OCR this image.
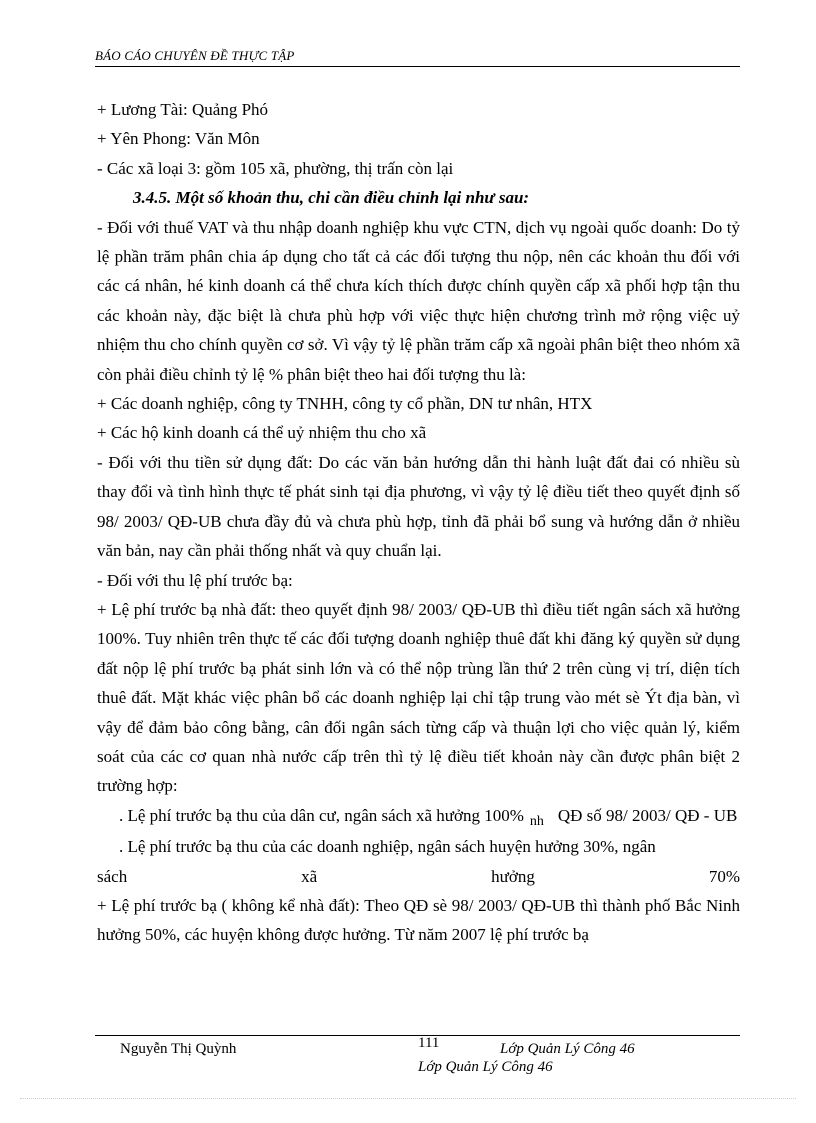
BÁO CÁO CHUYÊN ĐỀ THỰC TẬP

+ Lương Tài: Quảng Phó

+ Yên Phong: Văn Môn

- Các xã loại 3: gồm 105 xã, phường, thị trấn còn lại

3.4.5. Một số khoản thu, chi cần điều chỉnh lại như sau:

- Đối với thuế VAT và thu nhập doanh nghiệp khu vực CTN, dịch vụ ngoài quốc doanh: Do tỷ lệ phần trăm phân chia áp dụng cho tất cả các đối tượng thu nộp, nên các khoản thu đối với các cá nhân, hé kinh doanh cá thể chưa kích thích được chính quyền cấp xã phối hợp tận thu các khoản này, đặc biệt là chưa phù hợp với việc thực hiện chương trình mở rộng việc uỷ nhiệm thu cho chính quyền cơ sở. Vì vậy tỷ lệ phần trăm cấp xã ngoài phân biệt theo nhóm xã còn phải điều chỉnh tỷ lệ % phân biệt theo hai đối tượng thu là:

+ Các doanh nghiệp, công ty TNHH, công ty cổ phần, DN tư nhân, HTX

+ Các hộ kinh doanh cá thể uỷ nhiệm thu cho xã

- Đối với thu tiền sử dụng đất: Do các văn bản hướng dẫn thi hành luật đất đai có nhiều sù thay đổi và tình hình thực tế phát sinh tại địa phương, vì vậy tỷ lệ điều tiết theo quyết định số 98/ 2003/ QĐ-UB chưa đầy đủ và chưa phù hợp, tỉnh đã phải bổ sung và hướng dẫn ở nhiều văn bản, nay cần phải thống nhất và quy chuẩn lại.

- Đối với thu lệ phí trước bạ:

+ Lệ phí trước bạ nhà đất: theo quyết định 98/ 2003/ QĐ-UB thì điều tiết ngân sách xã hưởng 100%. Tuy nhiên trên thực tế các đối tượng doanh nghiệp thuê đất khi đăng ký quyền sử dụng đất nộp lệ phí trước bạ phát sinh lớn và có thể nộp trùng lần thứ 2 trên cùng vị trí, diện tích thuê đất. Mặt khác việc phân bổ các doanh nghiệp lại chỉ tập trung vào mét sè Ýt địa bàn, vì vậy để đảm bảo công bằng, cân đối ngân sách từng cấp và thuận lợi cho việc quản lý, kiểm soát của các cơ quan nhà nước cấp trên thì tỷ lệ điều tiết khoản này cần được phân biệt 2 trường hợp:

. Lệ phí trước bạ thu của dân cư, ngân sách xã hưởng 100% $_{nh}$ QĐ số 98/ 2003/ QĐ - UB

. Lệ phí trước bạ thu của các doanh nghiệp, ngân sách huyện hưởng 30%, ngân

sách xã hưởng 70%

+ Lệ phí trước bạ ( không kể nhà đất): Theo QĐ sè 98/ 2003/ QĐ-UB thì thành phố Bắc Ninh hưởng 50%, các huyện không được hưởng. Từ năm 2007 lệ phí trước bạ

Nguyễn Thị Quỳnh	111	Lớp Quản Lý Công 46
Lớp Quản Lý Công 46
